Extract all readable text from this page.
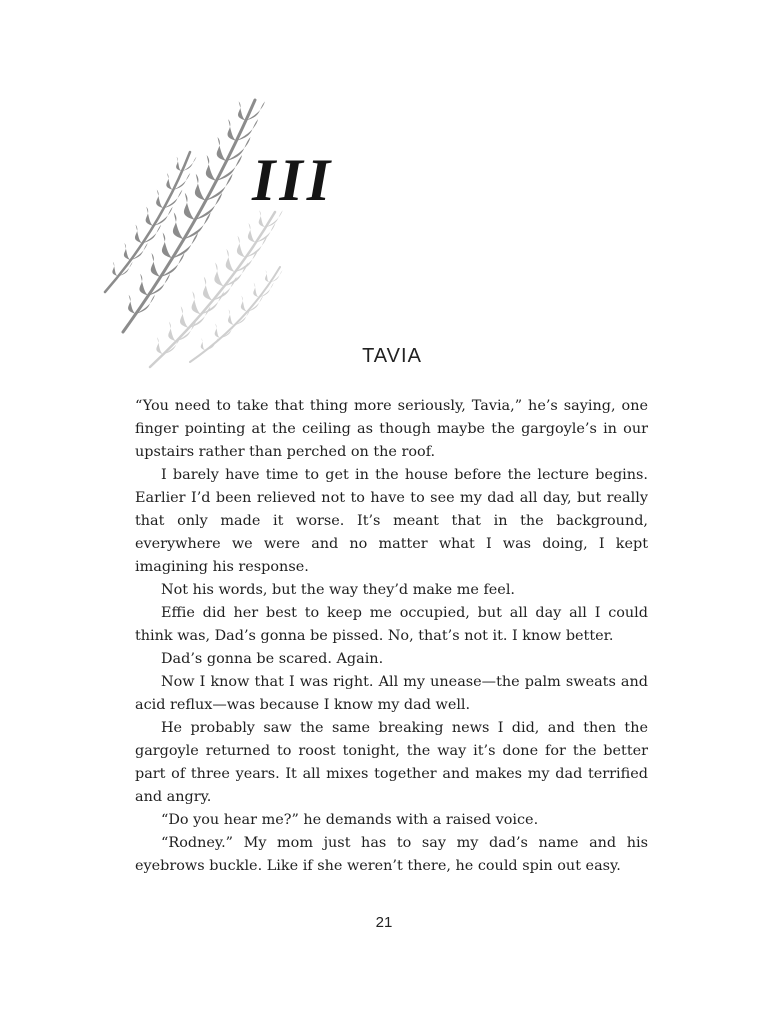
III
TAVIA

“You need to take that thing more seriously, Tavia,” he’s saying, one finger pointing at the ceiling as though maybe the gargoyle’s in our upstairs rather than perched on the roof.

I barely have time to get in the house before the lecture begins. Earlier I’d been relieved not to have to see my dad all day, but really that only made it worse. It’s meant that in the background, everywhere we were and no matter what I was doing, I kept imagining his response.

Not his words, but the way they’d make me feel.

Effie did her best to keep me occupied, but all day all I could think was, Dad’s gonna be pissed. No, that’s not it. I know better.

Dad’s gonna be scared. Again.

Now I know that I was right. All my unease—the palm sweats and acid reflux—was because I know my dad well.

He probably saw the same breaking news I did, and then the gargoyle returned to roost tonight, the way it’s done for the better part of three years. It all mixes together and makes my dad terrified and angry.

“Do you hear me?” he demands with a raised voice.

“Rodney.” My mom just has to say my dad’s name and his eyebrows buckle. Like if she weren’t there, he could spin out easy.

21
